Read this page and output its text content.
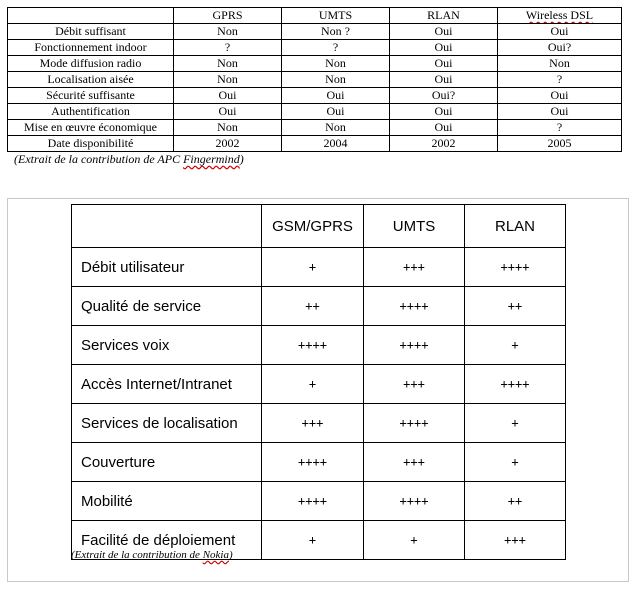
	GPRS	UMTS	RLAN	Wireless DSL
Débit suffisant	Non	Non ?	Oui	Oui
Fonctionnement indoor	?	?	Oui	Oui?
Mode diffusion radio	Non	Non	Oui	Non
Localisation aisée	Non	Non	Oui	?
Sécurité suffisante	Oui	Oui	Oui?	Oui
Authentification	Oui	Oui	Oui	Oui
Mise en œuvre économique	Non	Non	Oui	?
Date disponibilité	2002	2004	2002	2005
(Extrait de la contribution de APC Fingermind)
	GSM/GPRS	UMTS	RLAN
Débit utilisateur	+	+++	++++
Qualité de service	++	++++	++
Services voix	++++	++++	+
Accès Internet/Intranet	+	+++	++++
Services de localisation	+++	++++	+
Couverture	++++	+++	+
Mobilité	++++	++++	++
Facilité de déploiement	+	+	+++
(Extrait de la contribution de Nokia)
